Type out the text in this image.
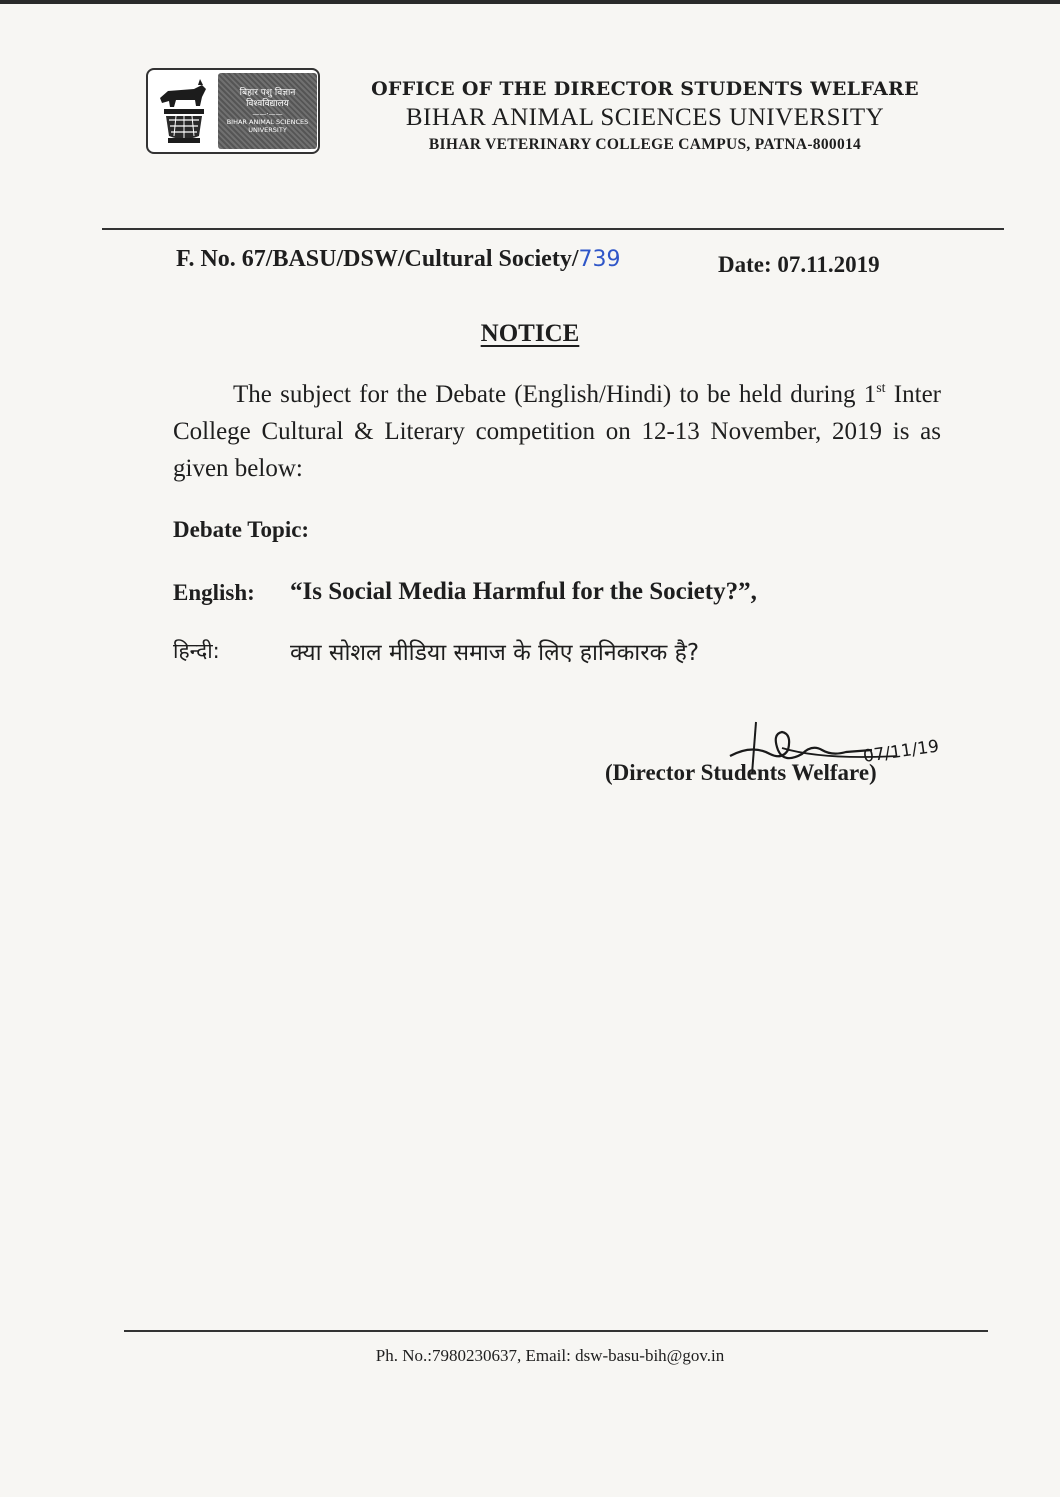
बिहार पशु विज्ञान
विश्वविद्यालय
——·——
BIHAR ANIMAL SCIENCES
UNIVERSITY
OFFICE OF THE DIRECTOR STUDENTS WELFARE
BIHAR ANIMAL SCIENCES UNIVERSITY
BIHAR VETERINARY COLLEGE CAMPUS, PATNA-800014
F. No. 67/BASU/DSW/Cultural Society/739	Date: 07.11.2019
NOTICE
The subject for the Debate (English/Hindi) to be held during 1st Inter College Cultural & Literary competition on 12-13 November, 2019 is as given below:
Debate Topic:
English: “Is Social Media Harmful for the Society?”,
हिन्दी:	क्या सोशल मीडिया समाज के लिए हानिकारक है?
07/11/19
(Director Students Welfare)
Ph. No.:7980230637, Email: dsw-basu-bih@gov.in
